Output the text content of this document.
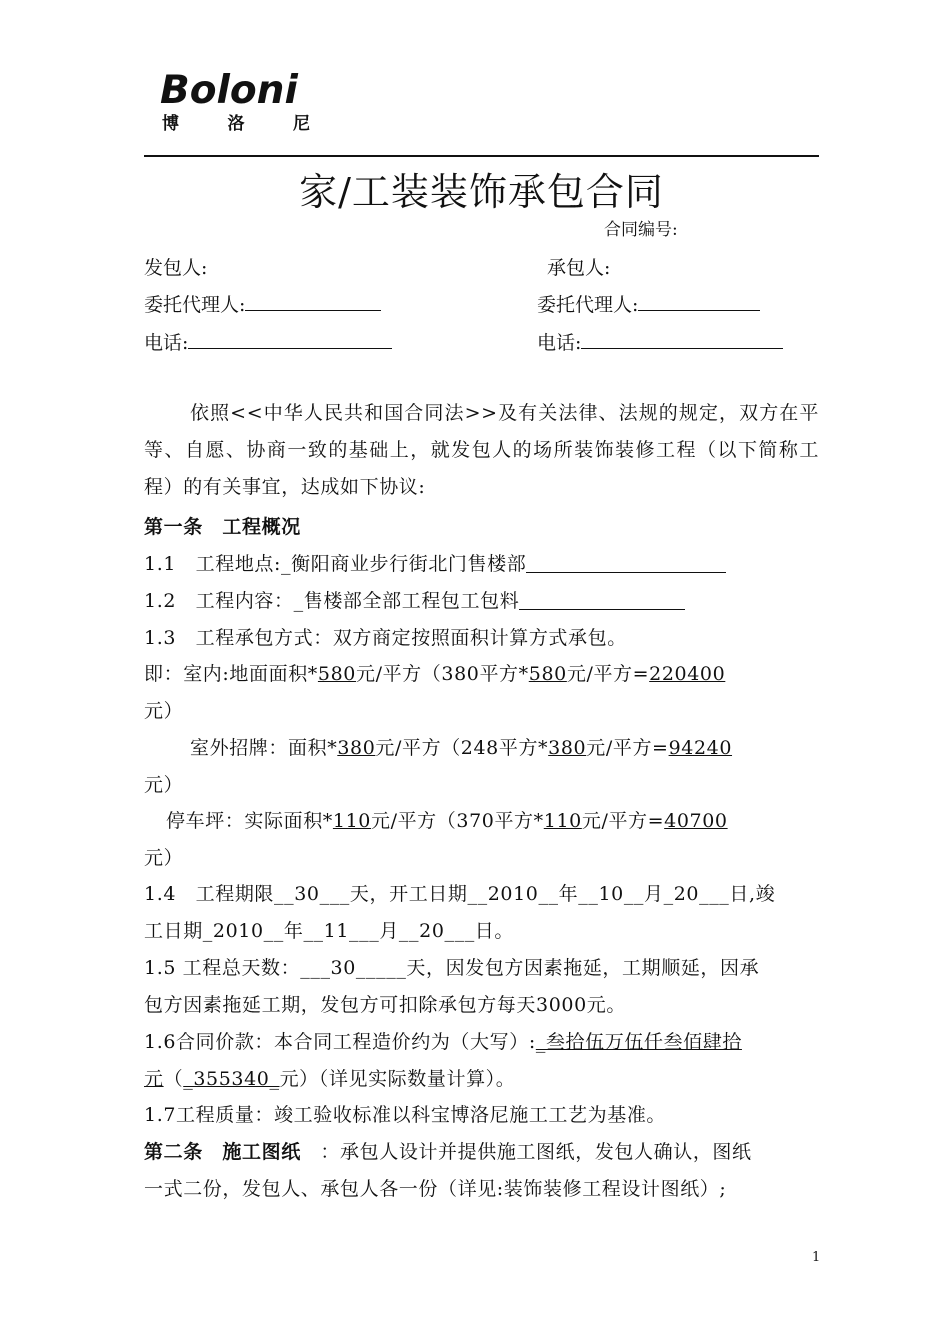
Boloni
博	洛	尼
家/工装装饰承包合同
合同编号:
发包人:	承包人:
委托代理人:	委托代理人:
电话:	电话:
依照<<中华人民共和国合同法>>及有关法律、法规的规定，双方在平等、自愿、协商一致的基础上，就发包人的场所装饰装修工程（以下简称工程）的有关事宜，达成如下协议:
第一条　工程概况
1.1　工程地点:_衡阳商业步行街北门售楼部
1.2　工程内容：_售楼部全部工程包工包料
1.3　工程承包方式：双方商定按照面积计算方式承包。
即：室内:地面面积*580元/平方（380平方*580元/平方=220400
元）
室外招牌：面积*380元/平方（248平方*380元/平方=94240
元）
停车坪：实际面积*110元/平方（370平方*110元/平方=40700
元）
1.4　工程期限__30___天，开工日期__2010__年__10__月_20___日,竣
工日期_2010__年__11___月__20___日。
1.5 工程总天数：___30_____天，因发包方因素拖延，工期顺延，因承
包方因素拖延工期，发包方可扣除承包方每天3000元。
1.6合同价款：本合同工程造价约为（大写）:_叁拾伍万伍仟叁佰肆拾
元（_355340_元）（详见实际数量计算）。
1.7工程质量：竣工验收标准以科宝博洛尼施工工艺为基准。
第二条　施工图纸　：承包人设计并提供施工图纸，发包人确认，图纸
一式二份，发包人、承包人各一份（详见:装饰装修工程设计图纸）;
1
